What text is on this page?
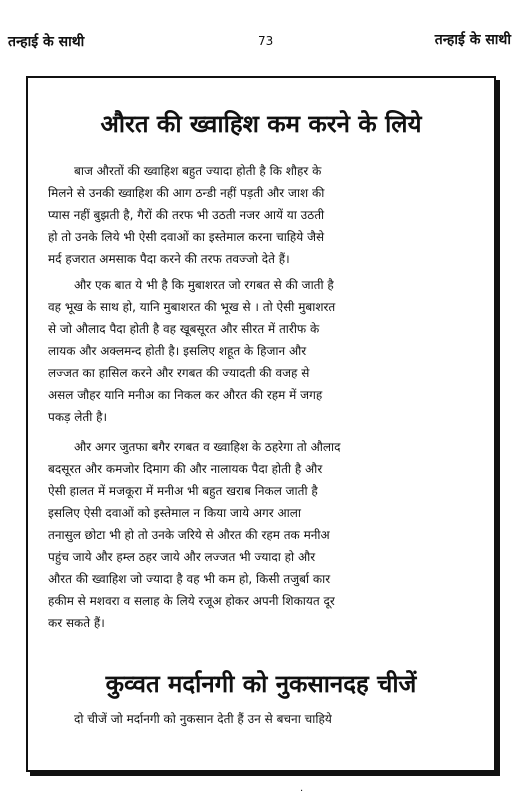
तन्हाई के साथी	73	तन्हाई के साथी
औरत की ख्वाहिश कम करने के लिये
बाज औरतों की ख्वाहिश बहुत ज्यादा होती है कि शौहर के
मिलने से उनकी ख्वाहिश की आग ठन्डी नहीं पड़ती और जाश की
प्यास नहीं बुझती है, गैरों की तरफ भी उठती नजर आयें या उठती
हो तो उनके लिये भी ऐसी दवाओं का इस्तेमाल करना चाहिये जैसे
मर्द हजरात अमसाक पैदा करने की तरफ तवज्जो देते हैं।
और एक बात ये भी है कि मुबाशरत जो रगबत से की जाती है
वह भूख के साथ हो, यानि मुबाशरत की भूख से । तो ऐसी मुबाशरत
से जो औलाद पैदा होती है वह खूबसूरत और सीरत में तारीफ के
लायक और अक्लमन्द होती है। इसलिए शहूत के हिजान और
लज्जत का हासिल करने और रगबत की ज्यादती की वजह से
असल जौहर यानि मनीअ का निकल कर औरत की रहम में जगह
पकड़ लेती है।
और अगर जुतफा बगैर रगबत व ख्वाहिश के ठहरेगा तो औलाद
बदसूरत और कमजोर दिमाग की और नालायक पैदा होती है और
ऐसी हालत में मजकूरा में मनीअ भी बहुत खराब निकल जाती है
इसलिए ऐसी दवाओं को इस्तेमाल न किया जाये अगर आला
तनासुल छोटा भी हो तो उनके जरिये से औरत की रहम तक मनीअ
पहुंच जाये और हम्ल ठहर जाये और लज्जत भी ज्यादा हो और
औरत की ख्वाहिश जो ज्यादा है वह भी कम हो, किसी तजुर्बा कार
हकीम से मशवरा व सलाह के लिये रजूअ होकर अपनी शिकायत दूर
कर सकते हैं।
कुव्वत मर्दानगी को नुकसानदह चीजें
दो चीजें जो मर्दानगी को नुकसान देती हैं उन से बचना चाहिये
·
